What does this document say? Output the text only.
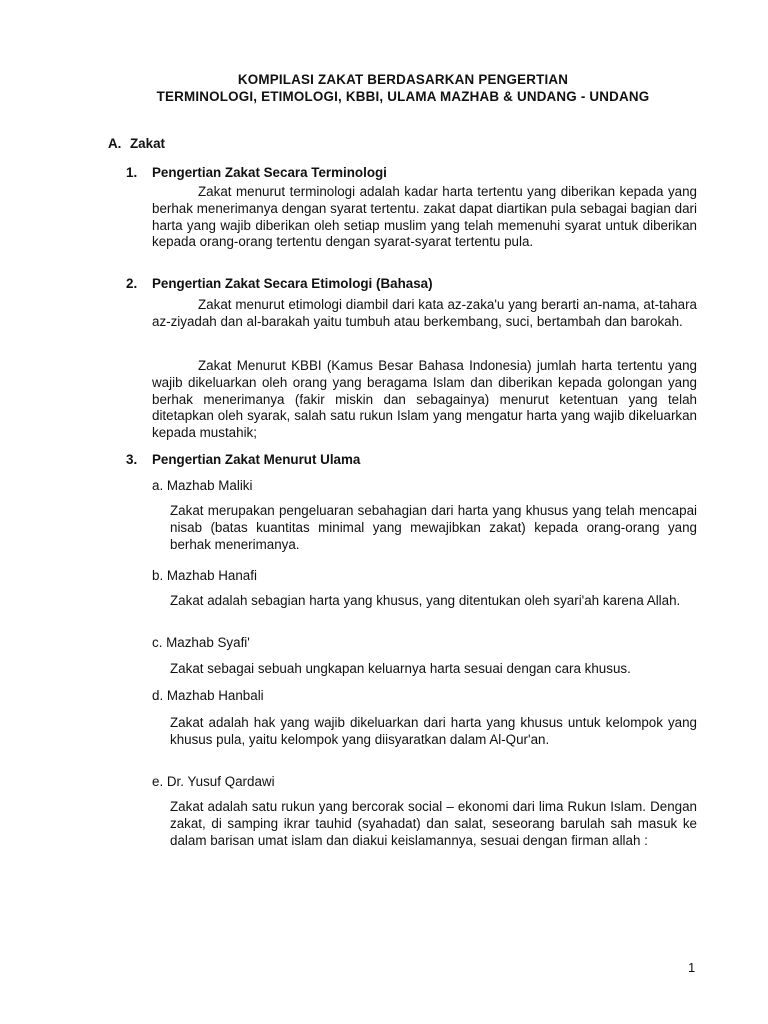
KOMPILASI ZAKAT BERDASARKAN PENGERTIAN
TERMINOLOGI, ETIMOLOGI, KBBI, ULAMA MAZHAB & UNDANG - UNDANG
A. Zakat
1. Pengertian Zakat Secara Terminologi
Zakat menurut terminologi adalah kadar harta tertentu yang diberikan kepada yang berhak menerimanya dengan syarat tertentu. zakat dapat diartikan pula sebagai bagian dari harta yang wajib diberikan oleh setiap muslim yang telah memenuhi syarat untuk diberikan kepada orang-orang tertentu dengan syarat-syarat tertentu pula.
2. Pengertian Zakat Secara Etimologi (Bahasa)
Zakat menurut etimologi diambil dari kata az-zaka'u yang berarti an-nama, at-tahara az-ziyadah dan al-barakah yaitu tumbuh atau berkembang, suci, bertambah dan barokah.
Zakat Menurut KBBI (Kamus Besar Bahasa Indonesia) jumlah harta tertentu yang wajib dikeluarkan oleh orang yang beragama Islam dan diberikan kepada golongan yang berhak menerimanya (fakir miskin dan sebagainya) menurut ketentuan yang telah ditetapkan oleh syarak, salah satu rukun Islam yang mengatur harta yang wajib dikeluarkan kepada mustahik;
3. Pengertian Zakat Menurut Ulama
a. Mazhab Maliki
Zakat merupakan pengeluaran sebahagian dari harta yang khusus yang telah mencapai nisab (batas kuantitas minimal yang mewajibkan zakat) kepada orang-orang yang berhak menerimanya.
b. Mazhab Hanafi
Zakat adalah sebagian harta yang khusus, yang ditentukan oleh syari'ah karena Allah.
c. Mazhab Syafi'
Zakat sebagai sebuah ungkapan keluarnya harta sesuai dengan cara khusus.
d. Mazhab Hanbali
Zakat adalah hak yang wajib dikeluarkan dari harta yang khusus untuk kelompok yang khusus pula, yaitu kelompok yang diisyaratkan dalam Al-Qur'an.
e. Dr. Yusuf Qardawi
Zakat adalah satu rukun yang bercorak social – ekonomi dari lima Rukun Islam. Dengan zakat, di samping ikrar tauhid (syahadat) dan salat, seseorang barulah sah masuk ke dalam barisan umat islam dan diakui keislamannya, sesuai dengan firman allah :
1
